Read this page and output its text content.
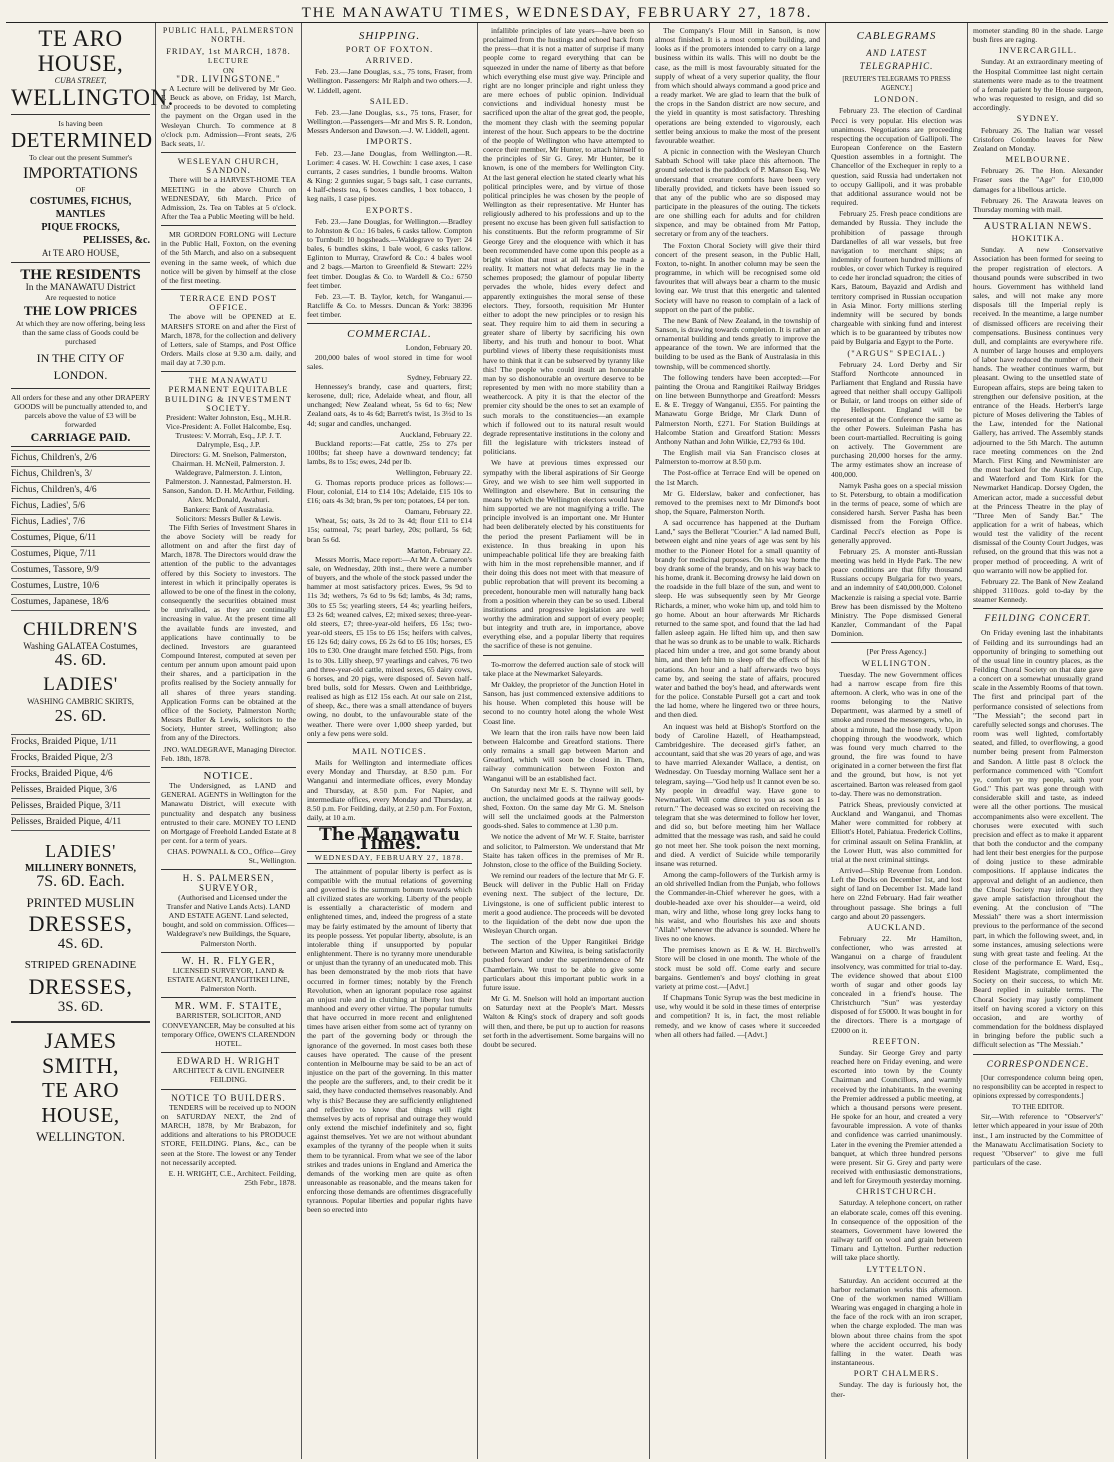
THE MANAWATU TIMES, WEDNESDAY, FEBRUARY 27, 1878.
TE ARO HOUSE,
CUBA STREET,
WELLINGTON.
Is having been
DETERMINED
To clear out the present Summer's
IMPORTATIONS
OF
COSTUMES, FICHUS, MANTLES
PIQUE FROCKS,
PELISSES, &c.
At TE ARO HOUSE,
THE RESIDENTS
In the MANAWATU District
Are requested to notice
THE LOW PRICES
At which they are now offering, being less than the same class of Goods could be purchased
IN THE CITY OF LONDON.
All orders for these and any other DRAPERY GOODS will be punctually attended to, and parcels above the value of £3 will be forwarded
CARRIAGE PAID.
Fichus, Children's, 2/6
Fichus, Children's, 3/
Fichus, Children's, 4/6
Fichus, Ladies', 5/6
Fichus, Ladies', 7/6
Costumes, Pique, 6/11
Costumes, Pique, 7/11
Costumes, Tassore, 9/9
Costumes, Lustre, 10/6
Costumes, Japanese, 18/6
CHILDREN'S
Washing GALATEA Costumes,
4S. 6D.
LADIES'
WASHING CAMBRIC SKIRTS,
2S. 6D.
Frocks, Braided Pique, 1/11
Frocks, Braided Pique, 2/3
Frocks, Braided Pique, 4/6
Pelisses, Braided Pique, 3/6
Pelisses, Braided Pique, 3/11
Pelisses, Braided Pique, 4/11
LADIES'
MILLINERY BONNETS,
7S. 6D. Each.
PRINTED MUSLIN
DRESSES,
4S. 6D.
STRIPED GRENADINE
DRESSES,
3S. 6D.
JAMES SMITH,
TE ARO HOUSE,
WELLINGTON.
PUBLIC HALL, PALMERSTON NORTH.
FRIDAY, 1st MARCH, 1878.
LECTURE
ON
"DR. LIVINGSTONE."

A Lecture will be delivered by Mr Geo. F. Beuck as above, on Friday, 1st March, the proceeds to be devoted to completing the payment on the Organ used in the Wesleyan Church. To commence at 8 o'clock p.m. Admission—Front seats, 2/6 Back seats, 1/.

WESLEYAN CHURCH, SANDON.

There will be a HARVEST-HOME TEA MEETING in the above Church on WEDNESDAY, 6th March. Price of Admission, 2s. Tea on Tables at 5 o'clock. After the Tea a Public Meeting will be held.

MR GORDON FORLONG will Lecture in the Public Hall, Foxton, on the evening of the 5th March, and also on a subsequent evening in the same week, of which due notice will be given by himself at the close of the first meeting.

TERRACE END POST OFFICE.

The above will be OPENED at E. MARSH'S STORE on and after the First of March, 1878, for the collection and delivery of Letters, sale of Stamps, and Post Office Orders. Mails close at 9.30 a.m. daily, and mail day at 7.30 p.m.

THE MANAWATU PERMANENT EQUITABLE BUILDING & INVESTMENT SOCIETY.
President: Walter Johnston, Esq., M.H.R.
Vice-President: A. Follet Halcombe, Esq.
Trustees: V. Morrah, Esq., J.P. J. T. Dalrymple, Esq., J.P.
Directors: G. M. Snelson, Palmerston, Chairman. H. McNeil, Palmerston. J. Waldegrave, Palmerston. J. Linton, Palmerston. J. Nannestad, Palmerston. H. Sanson, Sandon. D. H. McArthur, Feilding. Alex. McDonald, Awahuri.
Bankers: Bank of Australasia.
Solicitors: Messrs Buller & Lewis.

The Fifth Series of Investment Shares in the above Society will be ready for allotment on and after the first day of March, 1878. The Directors would draw the attention of the public to the advantages offered by this Society to investors. The interest in which it principally operates is allowed to be one of the finest in the colony, consequently the securities obtained must be unrivalled, as they are continually increasing in value. At the present time all the available funds are invested, and applications have continually to be declined. Investors are guaranteed Compound Interest, computed at seven per centum per annum upon amount paid upon their shares, and a participation in the profits realised by the Society annually for all shares of three years standing. Application Forms can be obtained at the office of the Society, Palmerston North; Messrs Buller & Lewis, solicitors to the Society, Hunter street, Wellington; also from any of the Directors.

JNO. WALDEGRAVE, Managing Director.
Feb. 18th, 1878.
NOTICE.

The Undersigned, as LAND and GENERAL AGENTS in Wellington for the Manawatu District, will execute with punctuality and despatch any business entrusted to their care. MONEY TO LEND on Mortgage of Freehold Landed Estate at 8 per cent. for a term of years.

CHAS. POWNALL & CO., Office—Grey St., Wellington.
H. S. PALMERSEN, SURVEYOR,

(Authorised and Licensed under the Transfer and Native Lands Acts). LAND AND ESTATE AGENT. Land selected, bought, and sold on commission. Offices—Waldegrave's new Buildings, the Square, Palmerston North.

W. H. R. FLYGER,
LICENSED SURVEYOR, LAND & ESTATE AGENT, RANGITIKEI LINE, Palmerston North.
MR. WM. F. STAITE,
BARRISTER, SOLICITOR, AND CONVEYANCER, May be consulted at his temporary Office, OWEN'S CLARENDON HOTEL.
EDWARD H. WRIGHT
ARCHITECT & CIVIL ENGINEER FEILDING.
NOTICE TO BUILDERS.

TENDERS will be received up to NOON on SATURDAY NEXT, the 2nd of MARCH, 1878, by Mr Brabazon, for additions and alterations to his PRODUCE STORE, FEILDING. Plans, &c., can be seen at the Store. The lowest or any Tender not necessarily accepted.

E. H. WRIGHT, C.E., Architect. Feilding, 25th Febr., 1878.
SHIPPING.
PORT OF FOXTON.
ARRIVED.

Feb. 23.—Jane Douglas, s.s., 75 tons, Fraser, from Wellington. Passengers: Mr Ralph and two others.—J. W. Liddell, agent.

SAILED.

Feb. 23.—Jane Douglas, s.s., 75 tons, Fraser, for Wellington.—Passengers—Mr and Mrs S. R. London, Messrs Anderson and Dawson.—J. W. Liddell, agent.

IMPORTS.

Feb. 23.—Jane Douglas, from Wellington.—R. Lorimer: 4 cases. W. H. Cowchin: 1 case axes, 1 case currants, 2 cases sundries, 1 bundle brooms. Walton & King: 2 gunnies sugar, 5 bags salt, 1 case currants, 4 half-chests tea, 6 boxes candles, 1 box tobacco, 1 keg nails, 1 case pipes.

EXPORTS.

Feb. 23.—Jane Douglas, for Wellington.—Bradley to Johnston & Co.: 16 bales, 6 casks tallow. Compton to Turnbull: 10 hogsheads.—Waldegrave to Tyer: 24 bales, 6 bundles skins, 1 bale wool, 6 casks tallow. Eglinton to Murray, Crawford & Co.: 4 bales wool and 2 bags.—Marton to Greenfield & Stewart: 22½ feet timber. Douglas & Co. to Wardell & Co.: 6750 feet timber.

Feb. 23.—T. B. Taylor, ketch, for Wanganui.—Ratcliffe & Co. to Messrs. Duncan & York: 38396 feet timber.

COMMERCIAL.
London, February 20.

200,000 bales of wool stored in time for wool sales.

Sydney, February 22.

Hennessey's brandy, case and quarters, first; kerosene, dull; rice, Adelaide wheat, and flour, all unchanged; New Zealand wheat, 5s 6d to 6s; New Zealand oats, 4s to 4s 6d; Barrett's twist, 1s 3½d to 1s 4d; sugar and candles, unchanged.

Auckland, February 22.

Buckland reports:—Fat cattle, 25s to 27s per 100lbs; fat sheep have a downward tendency; fat lambs, 8s to 15s; ewes, 24d per lb.

Wellington, February 22.

G. Thomas reports produce prices as follows:—Flour, colonial, £14 to £14 10s; Adelaide, £15 10s to £16; oats 4s 3d; bran, 9s per ton; potatoes, £4 per ton.

Oamaru, February 22.

Wheat, 5s; oats, 3s 2d to 3s 4d; flour £11 to £14 15s; oatmeal, 7s; pearl barley, 20s; pollard, 5s 6d; bran 5s 6d.

Marton, February 22.

Messrs Morris, Mace report:—At Mr A. Cameron's sale, on Wednesday, 20th inst., there were a number of buyers, and the whole of the stock passed under the hammer at most satisfactory prices. Ewes, 9s 9d to 11s 3d; wethers, 7s 6d to 9s 6d; lambs, 4s 3d; rams, 30s to £5 5s; yearling steers, £4 4s; yearling heifers, £3 2s 6d; weaned calves, £2; mixed sexes; three-year-old steers, £7; three-year-old heifers, £6 15s; two-year-old steers, £5 15s to £6 15s; heifers with calves, £6 12s 6d; dairy cows, £6 2s 6d to £6 10s; horses, £5 10s to £30. One draught mare fetched £50. Pigs, from 1s to 30s. Lilly sheep, 97 yearlings and calves, 76 two and three-year-old cattle, mixed sexes, 65 dairy cows, 6 horses, and 20 pigs, were disposed of. Seven half-bred bulls, sold for Messrs. Owen and Leithbridge, realised as high as £12 15s each. At our sale on 21st, of sheep, &c., there was a small attendance of buyers owing, no doubt, to the unfavourable state of the weather. There were over 1,000 sheep yarded, but only a few pens were sold.

MAIL NOTICES.

Mails for Wellington and intermediate offices every Monday and Thursday, at 8.50 p.m. For Wanganui and intermediate offices, every Monday and Thursday, at 8.50 p.m. For Napier, and intermediate offices, every Monday and Thursday, at 8.50 p.m. For Feilding, daily, at 2.50 p.m. For Foxton, daily, at 10 a.m.

The Manawatu Times.
WEDNESDAY, FEBRUARY 27, 1878.

The attainment of popular liberty is perfect as is compatible with the mutual relations of governing and governed is the summum bonum towards which all civilized states are working. Liberty of the people is essentially a characteristic of modern and enlightened times, and, indeed the progress of a state may be fairly estimated by the amount of liberty that its people possess. Yet popular liberty, absolute, is an intolerable thing if unsupported by popular enlightenment. There is no tyranny more unendurable or unjust than the tyranny of an uneducated mob. This has been demonstrated by the mob riots that have occurred in former times; notably by the French Revolution, when an ignorant populace rose against an unjust rule and in clutching at liberty lost their manhood and every other virtue. The popular tumults that have occurred in more recent and enlightened times have arisen either from some act of tyranny on the part of the governing body or through the ignorance of the governed. In most cases both these causes have operated. The cause of the present contention in Melbourne may be said to be an act of injustice on the part of the governing. In this matter the people are the sufferers, and, to their credit be it said, they have conducted themselves reasonably. And why is this? Because they are sufficiently enlightened and reflective to know that things will right themselves by acts of reprisal and outrage they would only extend the mischief indefinitely and so, fight against themselves. Yet we are not without abundant examples of the tyranny of the people when it suits them to be tyrannical. From what we see of the labor strikes and trades unions in England and America the demands of the working men are quite as often unreasonable as reasonable, and the means taken for enforcing those demands are oftentimes disgracefully tyrannous. Popular liberties and popular rights have been so erected into

infallible principles of late years—have been so proclaimed from the hustings and echoed back from the press—that it is not a matter of surprise if many people come to regard everything that can be squeezed in under the name of liberty as that before which everything else must give way. Principle and right are no longer principle and right unless they are mere echoes of public opinion. Individual convictions and individual honesty must be sacrificed upon the altar of the great god, the people, the moment they clash with the seeming popular interest of the hour. Such appears to be the doctrine of the people of Wellington who have attempted to coerce their member, Mr Hunter, to attach himself to the principles of Sir G. Grey. Mr Hunter, be it known, is one of the members for Wellington City. At the last general election he stated clearly what his political principles were, and by virtue of those political principles he was chosen by the people of Wellington as their representative. Mr Hunter has religiously adhered to his professions and up to the present no excuse has been given full satisfaction to his constituents. But the reform programme of Sir George Grey and the eloquence with which it has been recommended have come upon this people as a bright vision that must at all hazards be made a reality. It matters not what defects may lie in the schemes proposed; the glamour of popular liberty pervades the whole, hides every defect and apparently extinguishes the moral sense of these electors. They, forsooth, requisition Mr Hunter either to adopt the new principles or to resign his seat. They require him to aid them in securing a greater share of liberty by sacrificing his own liberty, and his truth and honour to boot. What purblind views of liberty these requisitionists must have to think that it can be subserved by tyranny like this! The people who could insult an honourable man by so dishonourable an overture deserve to be represented by men with no more stability than a weathercock. A pity it is that the elector of the premier city should be the ones to set an example of such morals to the constituencies—an example which if followed out to its natural result would degrade representative institutions in the colony and fill the legislature with tricksters instead of politicians.

We have at previous times expressed our sympathy with the liberal aspirations of Sir George Grey, and we wish to see him well supported in Wellington and elsewhere. But in censuring the means by which the Wellington electors would have him supported we are not magnifying a trifle. The principle involved is an important one. Mr Hunter had been deliberately elected by his constituents for the period the present Parliament will be in existence. In thus breaking in upon his unimpeachable political life they are breaking faith with him in the most reprehensible manner, and if their doing this does not meet with that measure of public reprobation that will prevent its becoming a precedent, honourable men will naturally hang back from a position wherein they can be so used. Liberal institutions and progressive legislation are well worthy the admiration and support of every people; but integrity and truth are, in importance, above everything else, and a popular liberty that requires the sacrifice of these is not genuine.

To-morrow the deferred auction sale of stock will take place at the Newmarket Saleyards.

Mr Oakley, the proprietor of the Junction Hotel in Sanson, has just commenced extensive additions to his house. When completed this house will be second to no country hotel along the whole West Coast line.

We learn that the iron rails have now been laid between Halcombe and Greatford stations. There only remains a small gap between Marton and Greatford, which will soon be closed in. Then, railway communication between Foxton and Wanganui will be an established fact.

On Saturday next Mr E. S. Thynne will sell, by auction, the unclaimed goods at the railway goods-shed, Foxton. On the same day Mr G. M. Snelson will sell the unclaimed goods at the Palmerston goods-shed. Sales to commence at 1.30 p.m.

We notice the advent of Mr W. F. Staite, barrister and solicitor, to Palmerston. We understand that Mr Staite has taken offices in the premises of Mr R. Johnston, close to the office of the Building Society.

We remind our readers of the lecture that Mr G. F. Beuck will deliver in the Public Hall on Friday evening next. The subject of the lecture, Dr. Livingstone, is one of sufficient public interest to merit a good audience. The proceeds will be devoted to the liquidation of the debt now due upon the Wesleyan Church organ.

The section of the Upper Rangitikei Bridge between Marton and Kiwitea, is being satisfactorily pushed forward under the superintendence of Mr Chamberlain. We trust to be able to give some particulars about this important public work in a future issue.

Mr G. M. Snelson will hold an important auction on Saturday next at the People's Mart. Messrs Walton & King's stock of drapery and soft goods will then, and there, be put up to auction for reasons set forth in the advertisement. Some bargains will no doubt be secured.

The Company's Flour Mill in Sanson, is now almost finished. It is a most complete building, and looks as if the promoters intended to carry on a large business within its walls. This will no doubt be the case, as the mill is most favourably situated for the supply of wheat of a very superior quality, the flour from which should always command a good price and a ready market. We are glad to learn that the bulk of the crops in the Sandon district are now secure, and the yield in quantity is most satisfactory. Threshing operations are being extended to vigorously, each settler being anxious to make the most of the present favourable weather.

A picnic in connection with the Wesleyan Church Sabbath School will take place this afternoon. The ground selected is the paddock of P. Manson Esq. We understand that creature comforts have been very liberally provided, and tickets have been issued so that any of the public who are so disposed may participate in the pleasures of the outing. The tickets are one shilling each for adults and for children sixpence, and may be obtained from Mr Pattop, secretary or from any of the teachers.

The Foxton Choral Society will give their third concert of the present season, in the Public Hall, Foxton, to-night. In another column may be seen the programme, in which will be recognised some old favourites that will always bear a charm to the music loving ear. We trust that this energetic and talented Society will have no reason to complain of a lack of support on the part of the public.

The new Bank of New Zealand, in the township of Sanson, is drawing towards completion. It is rather an ornamental building and tends greatly to improve the appearance of the town. We are informed that the building to be used as the Bank of Australasia in this township, will be commenced shortly.

The following tenders have been accepted:—For painting the Oroua and Rangitikei Railway Bridges on line between Bunnythorpe and Greatford: Messrs E. & E. Treggy of Wanganui, £355. For painting the Manawatu Gorge Bridge, Mr Clark Dunn of Palmerston North, £271. For Station Buildings at Halcombe Station and Greatford Station: Messrs Anthony Nathan and John Wilkie, £2,793 6s 10d.

The English mail via San Francisco closes at Palmerston to-morrow at 8.50 p.m.

The Post-office at Terrace End will be opened on the 1st March.

Mr G. Elderslaw, baker and confectioner, has removed to the premises next to Mr Dimond's boot shop, the Square, Palmerston North.

A sad occurrence has happened at the Durham Land," says the Bellerat "Courier." A lad named Bull, between eight and nine years of age was sent by his mother to the Pioneer Hotel for a small quantity of brandy for medicinal purposes. On his way home the boy drank some of the brandy, and on his way back to his home, drank it. Becoming drowsy he laid down on the roadside in the full blaze of the sun, and went to sleep. He was subsequently seen by Mr George Richards, a miner, who woke him up, and told him to go home. About an hour afterwards Mr Richards returned to the same spot, and found that the lad had fallen asleep again. He lifted him up, and then saw that he was so drunk as to be unable to walk. Richards placed him under a tree, and got some brandy about him, and then left him to sleep off the effects of his potations. An hour and a half afterwards two boys came by, and seeing the state of affairs, procured water and bathed the boy's head, and afterwards went for the police. Constable Pursell got a cart and took the lad home, where he lingered two or three hours, and then died.

An inquest was held at Bishop's Stortford on the body of Caroline Hazell, of Heathampstead, Cambridgeshire. The deceased girl's father, an accountant, said that she was 20 years of age, and was to have married Alexander Wallace, a dentist, on Wednesday. On Tuesday morning Wallace sent her a telegram, saying—"God help us! It cannot even be so. My people in dreadful way. Have gone to Newmarket. Will come direct to you as soon as I return." The deceased was so excited on receiving the telegram that she was determined to follow her lover, and did so, but before meeting him her Wallace admitted that the message was rash, and said he could go not meet her. She took poison the next morning, and died. A verdict of Suicide while temporarily insane was returned.

Among the camp-followers of the Turkish army is an old shrivelled Indian from the Punjab, who follows the Commander-in-Chief wherever he goes, with a double-headed axe over his shoulder—a weird, old man, wiry and lithe, whose long grey locks hang to his waist, and who flourishes his axe and shouts "Allah!" whenever the advance is sounded. Where he lives no one knows.

The premises known as E & W. H. Birchwell's Store will be closed in one month. The whole of the stock must be sold off. Come early and secure bargains. Gentlemen's and boys' clothing in great variety at prime cost.—[Advt.]

If Chapmans Tonic Syrup was the best medicine in use, why would it be sold in these times of enterprise and competition? It is, in fact, the most reliable remedy, and we know of cases where it succeeded when all others had failed. —[Advt.]

CABLEGRAMS
AND LATEST TELEGRAPHIC.
[REUTER'S TELEGRAMS TO PRESS AGENCY.]
LONDON.

February 23. The election of Cardinal Pecci is very popular. His election was unanimous. Negotiations are proceeding respecting the occupation of Gallipoli. The European Conference on the Eastern Question assembles in a fortnight. The Chancellor of the Exchequer in reply to a question, said Russia had undertaken not to occupy Gallipoli, and it was probable that additional assurance would not be required.

February 25. Fresh peace conditions are demanded by Russia. They include the prohibition of passage through Dardanelles of all war vessels, but free navigation to merchant ships; an indemnity of fourteen hundred millions of roubles, or cover which Turkey is required to cede her ironclad squadron; the cities of Kars, Batoum, Bayazid and Ardish and territory comprised in Russian occupation in Asia Minor. Forty millions sterling indemnity will be secured by bonds chargeable with sinking fund and interest which is to be guaranteed by tributes now paid by Bulgaria and Egypt to the Porte.

("ARGUS" SPECIAL.)

February 24. Lord Derby and Sir Stafford Northcote announced in Parliament that England and Russia have agreed that neither shall occupy Gallipoli or Bulair, or land troops on either side of the Hellespont. England will be represented at the Conference the same as the other Powers. Suleiman Pasha has been court-martialled. Recruiting is going on actively. The Government are purchasing 20,000 horses for the army. The army estimates show an increase of 400,000.

Namyk Pasha goes on a special mission to St. Petersburg, to obtain a modification in the terms of peace, some of which are considered harsh. Server Pasha has been dismissed from the Foreign Office. Cardinal Pecci's election as Pope is generally approved.

February 25. A monster anti-Russian meeting was held in Hyde Park. The new peace conditions are that fifty thousand Russians occupy Bulgaria for two years, and an indemnity of £40,000,000. Colonel Mackenzie is raising a special vote. Barrie Brew has been dismissed by the Molteno Ministry. The Pope dismissed General Kanzler, Commandant of the Papal Dominion.

[Per Press Agency.]
WELLINGTON.

Tuesday. The new Government offices had a narrow escape from fire this afternoon. A clerk, who was in one of the rooms belonging to the Native Department, was alarmed by a smell of smoke and roused the messengers, who, in about a minute, had the hose ready. Upon chopping through the woodwork, which was found very much charred to the ground, the fire was found to have originated in a corner between the first flat and the ground, but how, is not yet ascertained. Barton was released from gaol to-day. There was no demonstration.

Patrick Sheas, previously convicted at Auckland and Wanganui, and Thomas Maher were committed for robbery at Elliott's Hotel, Pahiatua. Frederick Collins, for criminal assault on Selina Franklin, at the Lower Hutt, was also committed for trial at the next criminal sittings.

Arrived—Ship Revenue from London. Left the Docks on December 1st, and lost sight of land on December 1st. Made land here on 22nd February. Had fair weather throughout passage. She brings a full cargo and about 20 passengers.

AUCKLAND.

February 22. Mr Hamilton, confectioner, who was arrested at Wanganui on a charge of fraudulent insolvency, was committed for trial to-day. The evidence showed that about £100 worth of sugar and other goods lay concealed in a friend's house. The Christchurch "Sun" was yesterday disposed of for £5000. It was bought in for the directors. There is a mortgage of £2000 on it.

REEFTON.

Sunday. Sir George Grey and party reached here on Friday evening, and were escorted into town by the County Chairman and Councillors, and warmly received by the inhabitants. In the evening the Premier addressed a public meeting, at which a thousand persons were present. He spoke for an hour, and created a very favourable impression. A vote of thanks and confidence was carried unanimously. Later in the evening the Premier attended a banquet, at which three hundred persons were present. Sir G. Grey and party were received with enthusiastic demonstrations, and left for Greymouth yesterday morning.

CHRISTCHURCH.

Saturday. A telephone concert, on rather an elaborate scale, comes off this evening. In consequence of the opposition of the steamers, Government have lowered the railway tariff on wool and grain between Timaru and Lyttelton. Further reduction will take place shortly.

LYTTELTON.

Saturday. An accident occurred at the harbor reclamation works this afternoon. One of the workmen named William Wearing was engaged in charging a hole in the face of the rock with an iron scraper, when the charge exploded. The man was blown about three chains from the spot where the accident occurred, his body falling in the water. Death was instantaneous.

PORT CHALMERS.

Sunday. The day is furiously hot, the ther-

mometer standing 80 in the shade. Large bush fires are raging.

INVERCARGILL.

Sunday. At an extraordinary meeting of the Hospital Committee last night certain statements were made as to the treatment of a female patient by the House surgeon, who was requested to resign, and did so accordingly.

SYDNEY.

February 26. The Italian war vessel Cristoforo Colombo leaves for New Zealand on Monday.

MELBOURNE.

February 26. The Hon. Alexander Fraser sues the "Age" for £10,000 damages for a libellous article.

February 26. The Arawata leaves on Thursday morning with mail.

AUSTRALIAN NEWS.
HOKITIKA.

Sunday. A new Conservative Association has been formed for seeing to the proper registration of electors. A thousand pounds were subscribed in two hours. Government has withheld land sales, and will not make any more disposals till the Imperial reply is received. In the meantime, a large number of dismissed officers are receiving their compensations. Business continues very dull, and complaints are everywhere rife. A number of large houses and employers of labor have reduced the number of their hands. The weather continues warm, but pleasant. Owing to the unsettled state of European affairs, steps are being taken to strengthen our defensive position, at the entrance of the Heads. Herbert's large picture of Moses delivering the Tables of the Law, intended for the National Gallery, has arrived. The Assembly stands adjourned to the 5th March. The autumn race meeting commences on the 2nd March. First King and Newminister are the most backed for the Australian Cup, and Waterford and Tom Kirk for the Newmarket Handicap. Dorsey Ogden, the American actor, made a successful debut at the Princess Theatre in the play of "Three Men of Sandy Bar." The application for a writ of habeas, which would test the validity of the recent dismissal of the County Court Judges, was refused, on the ground that this was not a proper method of proceeding. A writ of quo warranto will now be applied for.

February 22. The Bank of New Zealand shipped 3110ozs. gold to-day by the steamer Kennedy.

FEILDING CONCERT.

On Friday evening last the inhabitants of Feilding and its surroundings had an opportunity of bringing to something out of the usual line in country places, as the Feilding Choral Society on that date gave a concert on a somewhat unusually grand scale in the Assembly Rooms of that town. The first and principal part of the performance consisted of selections from "The Messiah"; the second part in carefully selected songs and choruses. The room was well lighted, comfortably seated, and filled, to overflowing, a good number being present from Palmerston and Sandon. A little past 8 o'clock the performance commenced with "Comfort ye, comfort ye my people, saith your God." This part was gone through with considerable skill and taste, as indeed were all the other portions. The musical accompaniments also were excellent. The choruses were executed with such precision and effect as to make it apparent that both the conductor and the company had lent their best energies for the purpose of doing justice to these admirable compositions. If applause indicates the approval and delight of an audience, then the Choral Society may infer that they gave ample satisfaction throughout the evening. At the conclusion of "The Messiah" there was a short intermission previous to the performance of the second part, in which the following sweet, and, in some instances, amusing selections were sung with great taste and feeling. At the close of the performance E. Ward, Esq., Resident Magistrate, complimented the Society on their success, to which Mr. Beard replied in suitable terms. The Choral Society may justly compliment itself on having scored a victory on this occasion, and are worthy of commendation for the boldness displayed in bringing before the public such a difficult selection as "The Messiah."

CORRESPONDENCE.

[Our correspondence column being open, no responsibility can be accepted in respect to opinions expressed by correspondents.]

TO THE EDITOR.

Sir,—With reference to "Observer's" letter which appeared in your issue of 20th inst., I am instructed by the Committee of the Manawatu Acclimatisation Society to request "Observer" to give me full particulars of the case.
